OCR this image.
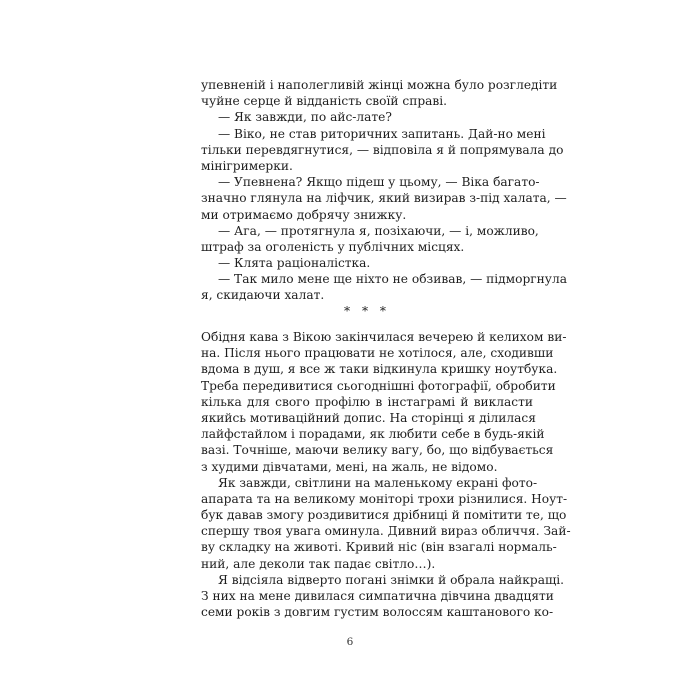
упевненій і наполегливій жінці можна було розгледіти
чуйне серце й відданість своїй справі.
— Як завжди, по айс-лате?
— Віко, не став риторичних запитань. Дай-но мені
тільки перевдягнутися, — відповіла я й попрямувала до
мінігримерки.
— Упевнена? Якщо підеш у цьому, — Віка багато-
значно глянула на ліфчик, який визирав з-під халата, —
ми отримаємо добрячу знижку.
— Ага, — протягнула я, позіхаючи, — і, можливо,
штраф за оголеність у публічних місцях.
— Клята раціоналістка.
— Так мило мене ще ніхто не обзивав, — підморгнула
я, скидаючи халат.
* * *
Обідня кава з Вікою закінчилася вечерею й келихом ви-
на. Після нього працювати не хотілося, але, сходивши
вдома в душ, я все ж таки відкинула кришку ноутбука.
Треба передивитися сьогоднішні фотографії, обробити
кілька для свого профілю в інстаграмі й викласти
якийсь мотиваційний допис. На сторінці я ділилася
лайфстайлом і порадами, як любити себе в будь-якій
вазі. Точніше, маючи велику вагу, бо, що відбувається
з худими дівчатами, мені, на жаль, не відомо.
Як завжди, світлини на маленькому екрані фото-
апарата та на великому моніторі трохи різнилися. Ноут-
бук давав змогу роздивитися дрібниці й помітити те, що
спершу твоя увага оминула. Дивний вираз обличчя. Зай-
ву складку на животі. Кривий ніс (він взагалі нормаль-
ний, але деколи так падає світло…).
Я відсіяла відверто погані знімки й обрала найкращі.
З них на мене дивилася симпатична дівчина двадцяти
семи років з довгим густим волоссям каштанового ко-
6
